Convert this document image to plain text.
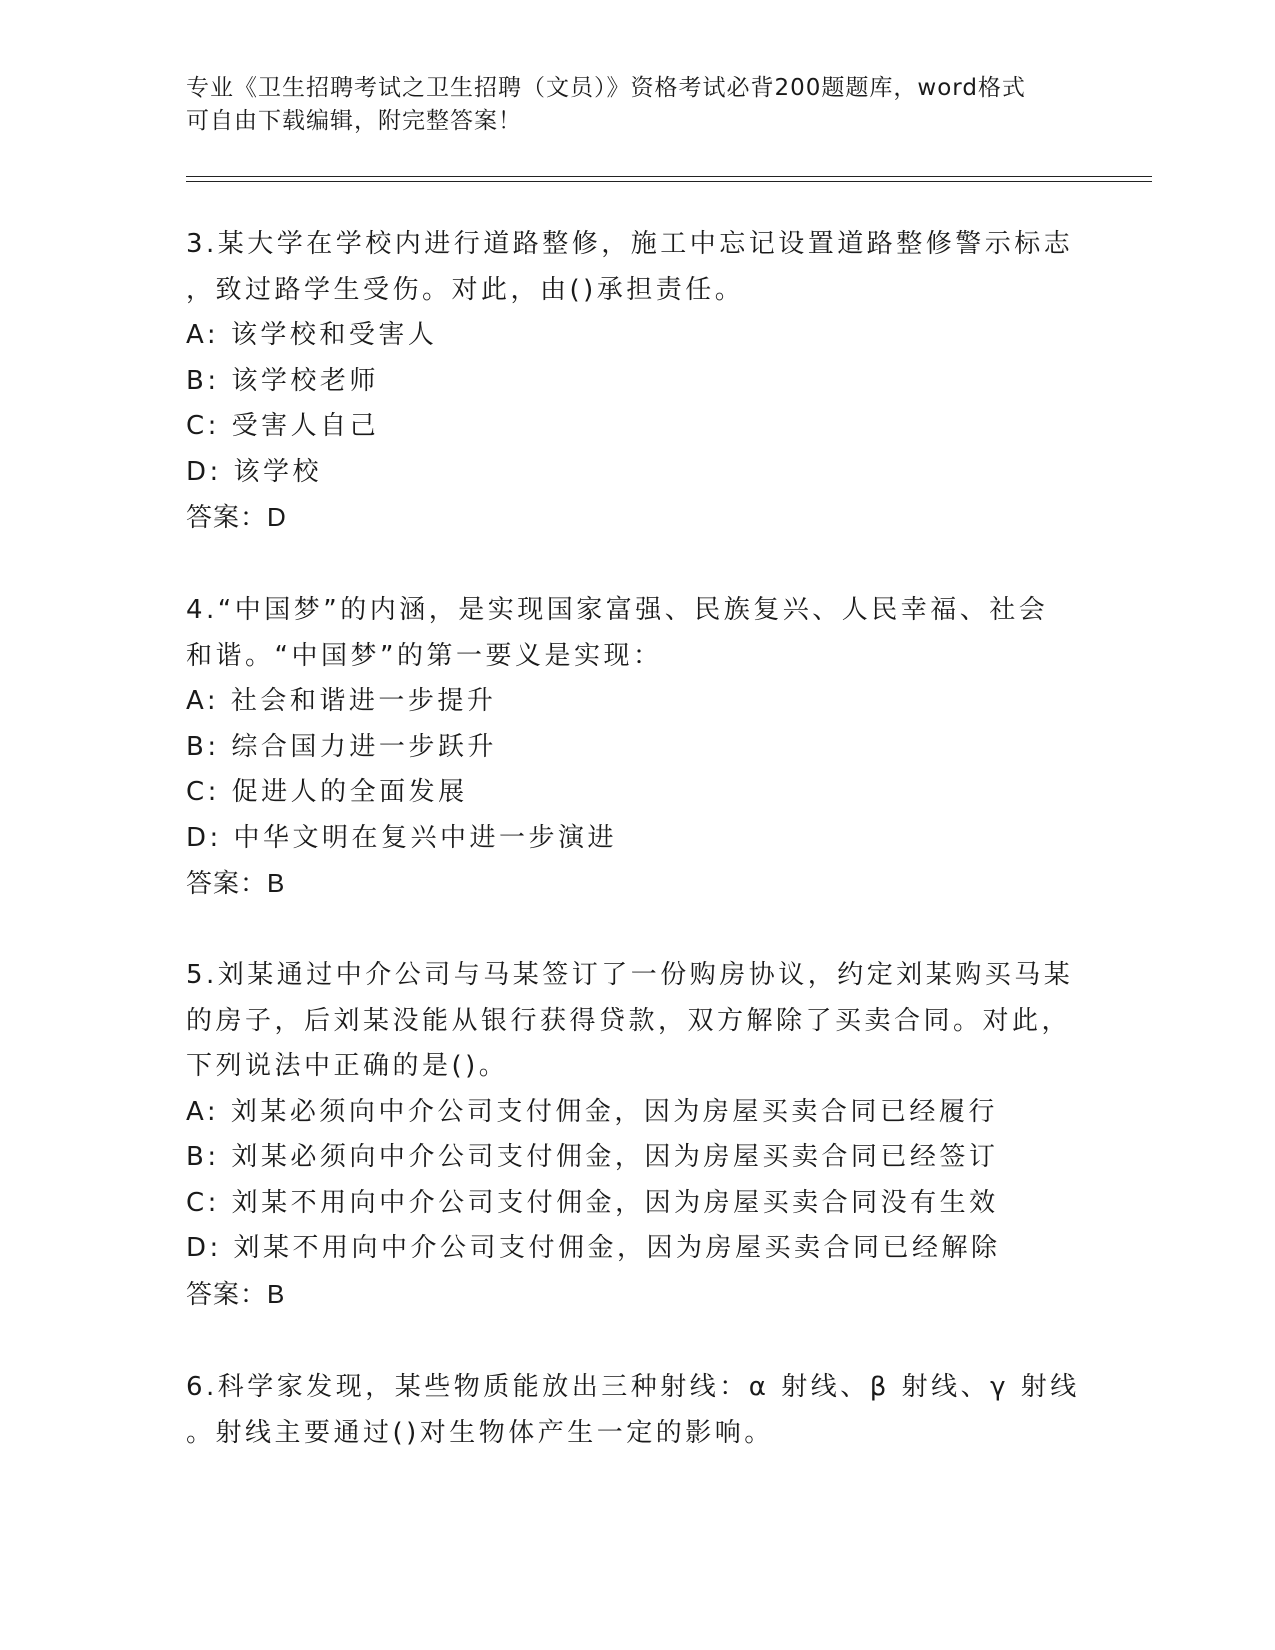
专业《卫生招聘考试之卫生招聘（文员）》资格考试必背200题题库，word格式
可自由下载编辑，附完整答案！
3.某大学在学校内进行道路整修，施工中忘记设置道路整修警示标志
，致过路学生受伤。对此，由()承担责任。
A: 该学校和受害人
B: 该学校老师
C: 受害人自己
D: 该学校
答案：D
4.“中国梦”的内涵，是实现国家富强、民族复兴、人民幸福、社会
和谐。“中国梦”的第一要义是实现：
A: 社会和谐进一步提升
B: 综合国力进一步跃升
C: 促进人的全面发展
D: 中华文明在复兴中进一步演进
答案：B
5.刘某通过中介公司与马某签订了一份购房协议，约定刘某购买马某
的房子，后刘某没能从银行获得贷款，双方解除了买卖合同。对此，
下列说法中正确的是()。
A: 刘某必须向中介公司支付佣金，因为房屋买卖合同已经履行
B: 刘某必须向中介公司支付佣金，因为房屋买卖合同已经签订
C: 刘某不用向中介公司支付佣金，因为房屋买卖合同没有生效
D: 刘某不用向中介公司支付佣金，因为房屋买卖合同已经解除
答案：B
6.科学家发现，某些物质能放出三种射线：α 射线、β 射线、γ 射线
。射线主要通过()对生物体产生一定的影响。
